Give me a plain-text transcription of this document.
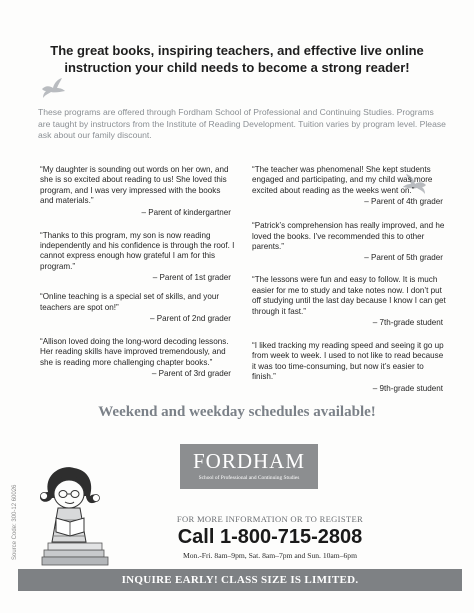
The great books, inspiring teachers, and effective live online instruction your child needs to become a strong reader!
These programs are offered through Fordham School of Professional and Continuing Studies. Programs are taught by instructors from the Institute of Reading Development. Tuition varies by program level. Please ask about our family discount.
“My daughter is sounding out words on her own, and she is so excited about reading to us! She loved this program, and I was very impressed with the books and materials.”
– Parent of kindergartner
“Thanks to this program, my son is now reading independently and his confidence is through the roof. I cannot express enough how grateful I am for this program.”
– Parent of 1st grader
“Online teaching is a special set of skills, and your teachers are spot on!”
– Parent of 2nd grader
“Allison loved doing the long-word decoding lessons. Her reading skills have improved tremendously, and she is reading more challenging chapter books.”
– Parent of 3rd grader
“The teacher was phenomenal! She kept students engaged and participating, and my child was more excited about reading as the weeks went on.”
– Parent of 4th grader
“Patrick’s comprehension has really improved, and he loved the books. I’ve recommended this to other parents.”
– Parent of 5th grader
“The lessons were fun and easy to follow. It is much easier for me to study and take notes now. I don’t put off studying until the last day because I know I can get through it fast.”
– 7th-grade student
“I liked tracking my reading speed and seeing it go up from week to week. I used to not like to read because it was too time-consuming, but now it’s easier to finish.”
– 9th-grade student
Weekend and weekday schedules available!
Source Code: 300-12 60026
FORDHAM
School of Professional and Continuing Studies
FOR MORE INFORMATION OR TO REGISTER
Call 1-800-715-2808
Mon.-Fri. 8am–9pm, Sat. 8am–7pm and Sun. 10am–6pm
INQUIRE EARLY! CLASS SIZE IS LIMITED.
